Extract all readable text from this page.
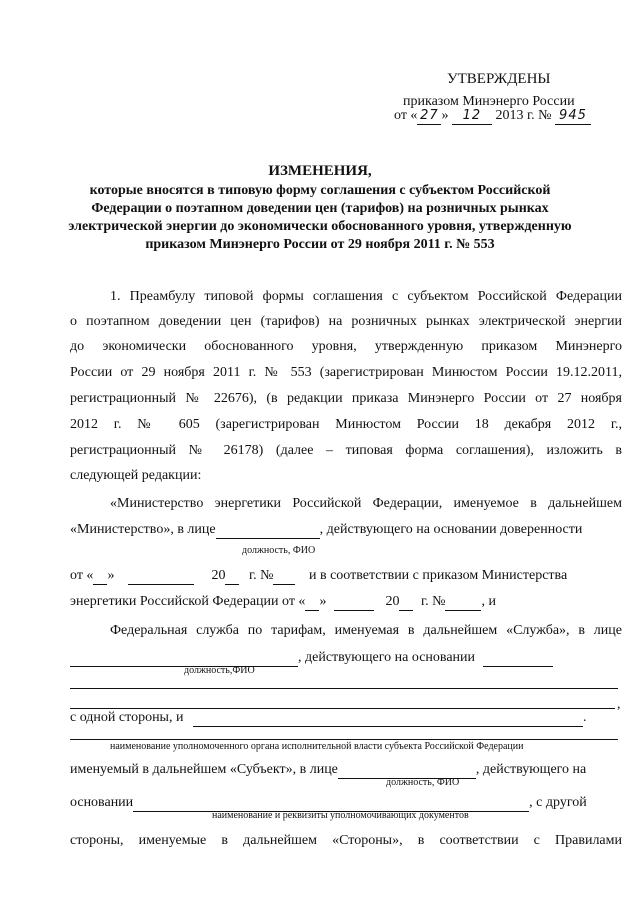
УТВЕРЖДЕНЫ
приказом Минэнерго России
от « 27 » 12 2013 г. № 945
ИЗМЕНЕНИЯ,
которые вносятся в типовую форму соглашения с субъектом Российской
Федерации о поэтапном доведении цен (тарифов) на розничных рынках
электрической энергии до экономически обоснованного уровня, утвержденную
приказом Минэнерго России от 29 ноября 2011 г. № 553
1. Преамбулу типовой формы соглашения с субъектом Российской Федерации
о поэтапном доведении цен (тарифов) на розничных рынках электрической энергии
до экономически обоснованного уровня, утвержденную приказом Минэнерго
России от 29 ноября 2011 г. № 553 (зарегистрирован Минюстом России 19.12.2011,
регистрационный № 22676), (в редакции приказа Минэнерго России от 27 ноября
2012 г. № 605 (зарегистрирован Минюстом России 18 декабря 2012 г.,
регистрационный № 26178) (далее – типовая форма соглашения), изложить в
следующей редакции:
«Министерство энергетики Российской Федерации, именуемое в дальнейшем
«Министерство», в лице	, действующего на основании доверенности
должность, ФИО
от « »	20 г. №	и в соответствии с приказом Министерства
энергетики Российской Федерации от « »	20 г. №	, и
Федеральная служба по тарифам, именуемая в дальнейшем «Служба», в лице
, действующего на основании
должность,ФИО
,
с одной стороны, и	.
наименование уполномоченного органа исполнительной власти субъекта Российской Федерации
именуемый в дальнейшем «Субъект», в лице	, действующего на
должность, ФИО
основании	, с другой
наименование и реквизиты уполномочивающих документов
стороны, именуемые в дальнейшем «Стороны», в соответствии с Правилами
